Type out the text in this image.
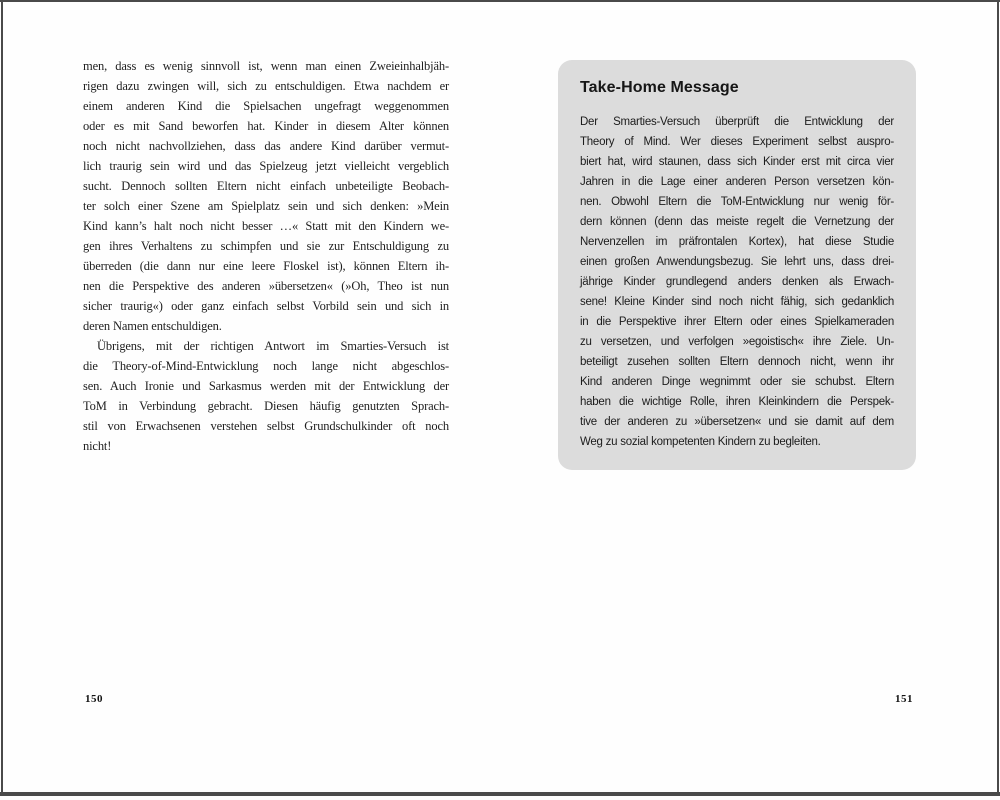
men, dass es wenig sinnvoll ist, wenn man einen Zweieinhalbjäh-
rigen dazu zwingen will, sich zu entschuldigen. Etwa nachdem er
einem anderen Kind die Spielsachen ungefragt weggenommen
oder es mit Sand beworfen hat. Kinder in diesem Alter können
noch nicht nachvollziehen, dass das andere Kind darüber vermut-
lich traurig sein wird und das Spielzeug jetzt vielleicht vergeblich
sucht. Dennoch sollten Eltern nicht einfach unbeteiligte Beobach-
ter solch einer Szene am Spielplatz sein und sich denken: »Mein
Kind kann’s halt noch nicht besser …« Statt mit den Kindern we-
gen ihres Verhaltens zu schimpfen und sie zur Entschuldigung zu
überreden (die dann nur eine leere Floskel ist), können Eltern ih-
nen die Perspektive des anderen »übersetzen« (»Oh, Theo ist nun
sicher traurig«) oder ganz einfach selbst Vorbild sein und sich in
deren Namen entschuldigen.
Übrigens, mit der richtigen Antwort im Smarties-Versuch ist
die Theory-of-Mind-Entwicklung noch lange nicht abgeschlos-
sen. Auch Ironie und Sarkasmus werden mit der Entwicklung der
ToM in Verbindung gebracht. Diesen häufig genutzten Sprach-
stil von Erwachsenen verstehen selbst Grundschulkinder oft noch
nicht!
150
Take-Home Message
Der Smarties-Versuch überprüft die Entwicklung der
Theory of Mind. Wer dieses Experiment selbst auspro-
biert hat, wird staunen, dass sich Kinder erst mit circa vier
Jahren in die Lage einer anderen Person versetzen kön-
nen. Obwohl Eltern die ToM-Entwicklung nur wenig för-
dern können (denn das meiste regelt die Vernetzung der
Nervenzellen im präfrontalen Kortex), hat diese Studie
einen großen Anwendungsbezug. Sie lehrt uns, dass drei-
jährige Kinder grundlegend anders denken als Erwach-
sene! Kleine Kinder sind noch nicht fähig, sich gedanklich
in die Perspektive ihrer Eltern oder eines Spielkameraden
zu versetzen, und verfolgen »egoistisch« ihre Ziele. Un-
beteiligt zusehen sollten Eltern dennoch nicht, wenn ihr
Kind anderen Dinge wegnimmt oder sie schubst. Eltern
haben die wichtige Rolle, ihren Kleinkindern die Perspek-
tive der anderen zu »übersetzen« und sie damit auf dem
Weg zu sozial kompetenten Kindern zu begleiten.
151
